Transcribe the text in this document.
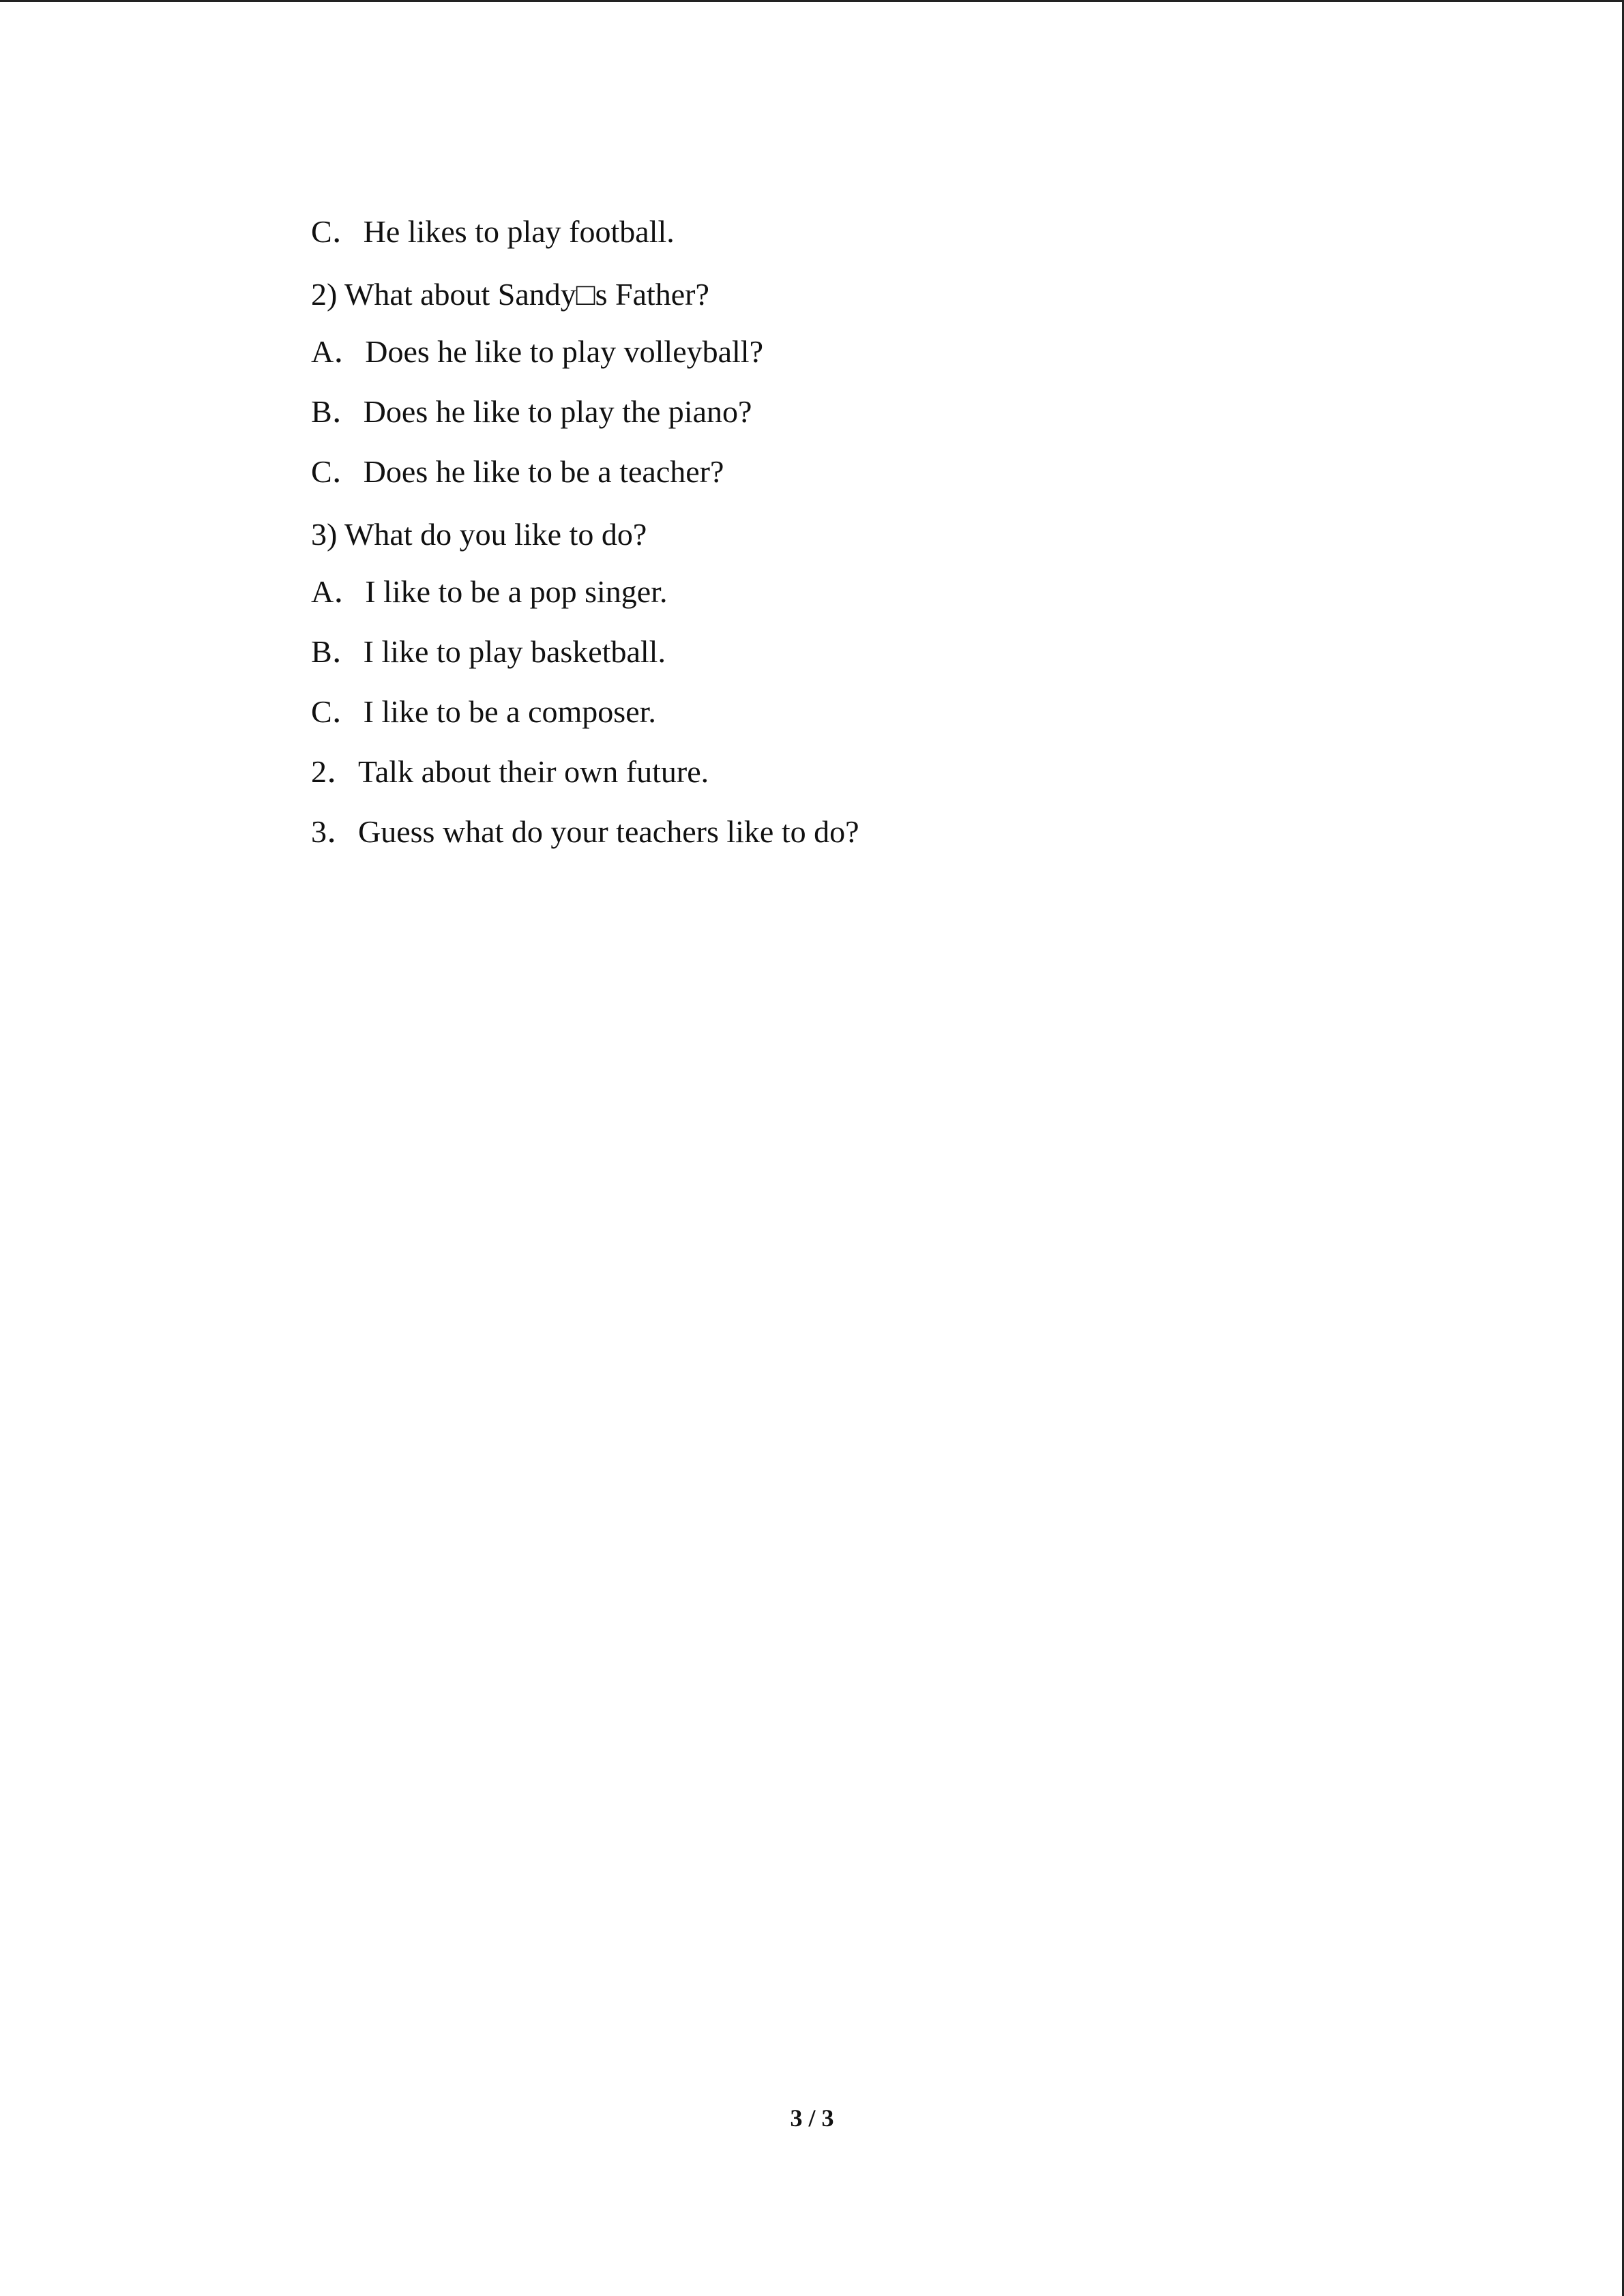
C．He likes to play football.

2) What about Sandy□s Father?

A．Does he like to play volleyball?

B．Does he like to play the piano?

C．Does he like to be a teacher?

3) What do you like to do?

A．I like to be a pop singer.

B．I like to play basketball.

C．I like to be a composer.

2．Talk about their own future.

3．Guess what do your teachers like to do?

3 / 3
